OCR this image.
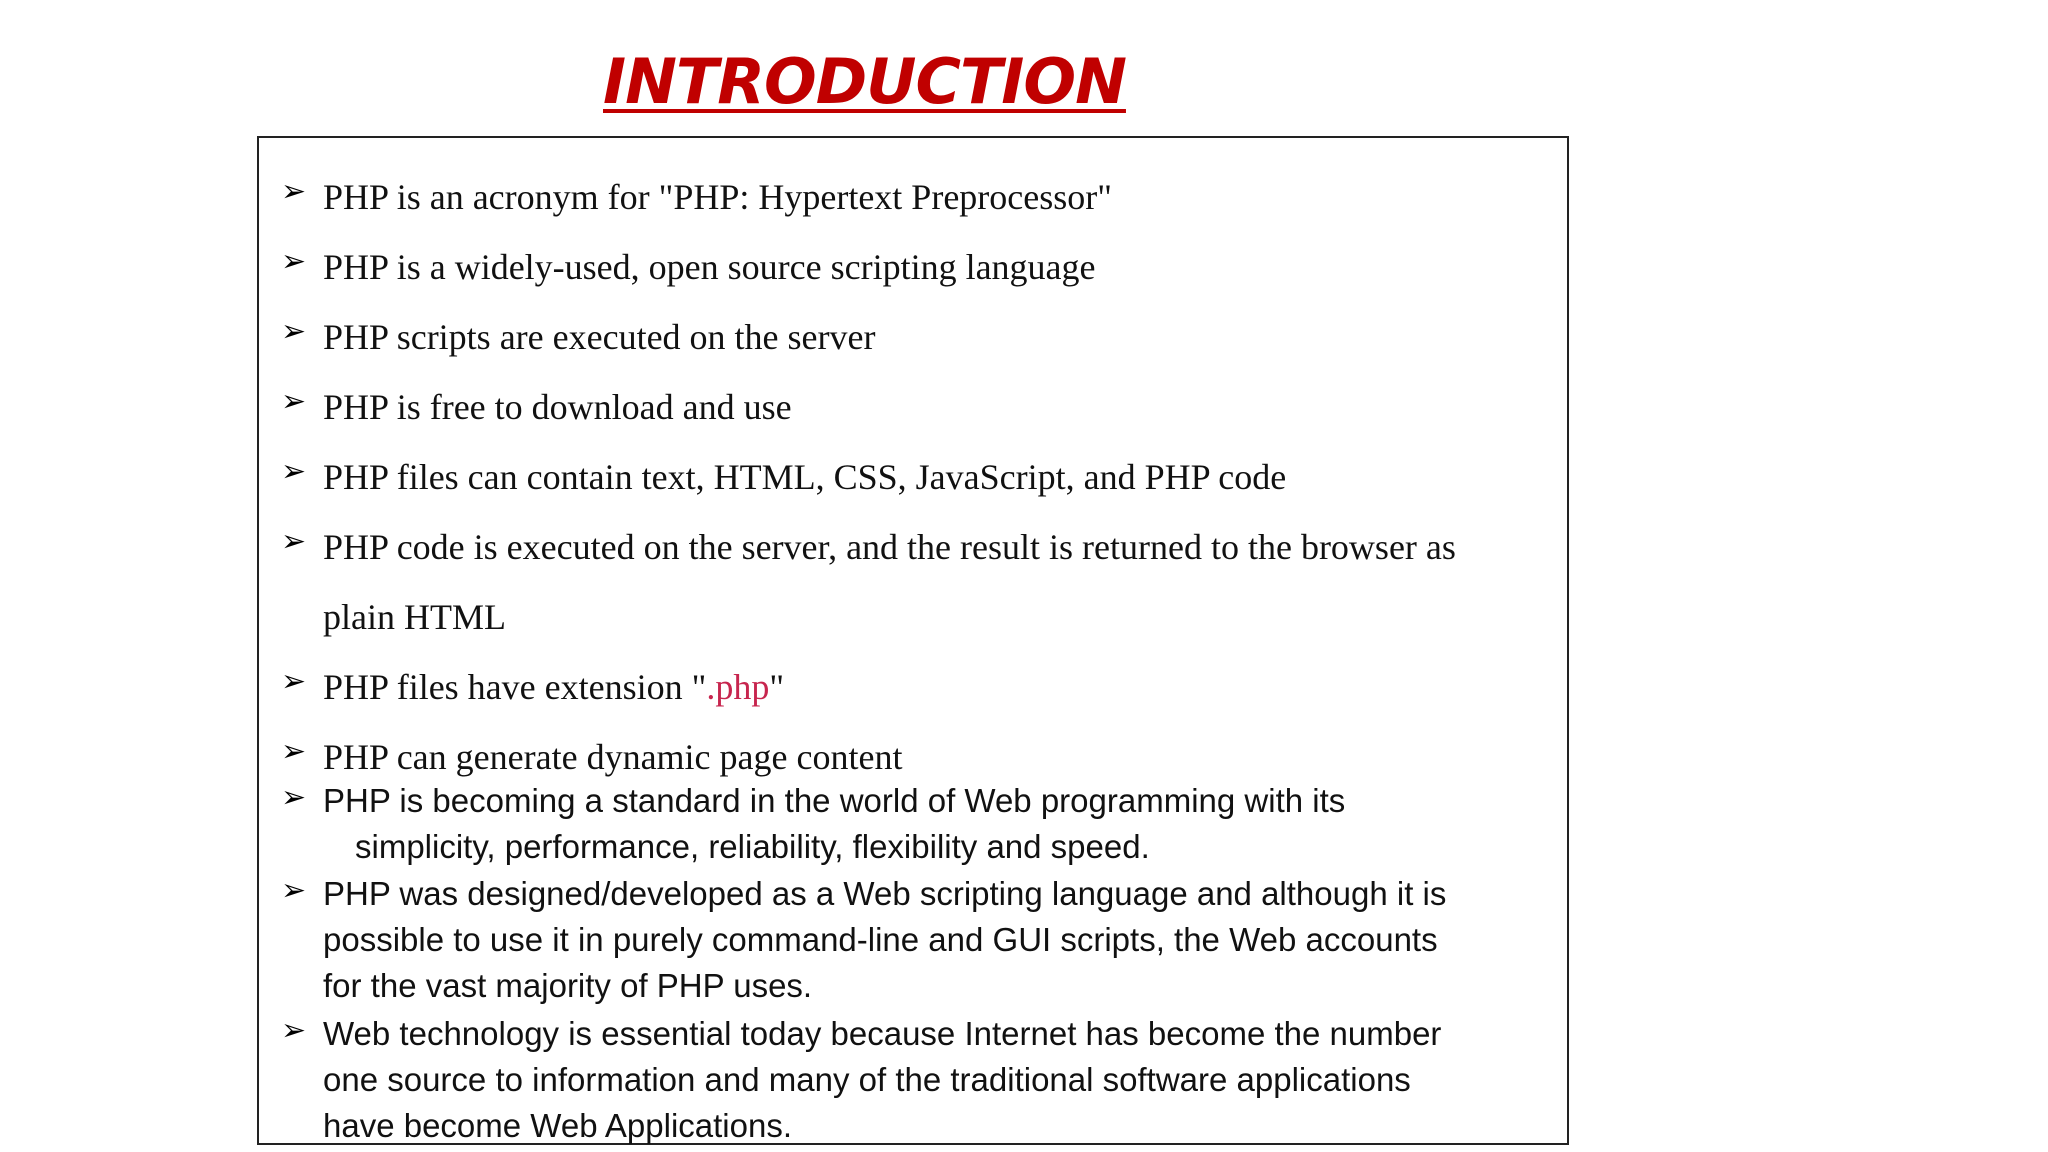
INTRODUCTION
➢ PHP is an acronym for "PHP: Hypertext Preprocessor"
➢ PHP is a widely-used, open source scripting language
➢ PHP scripts are executed on the server
➢ PHP is free to download and use
➢ PHP files can contain text, HTML, CSS, JavaScript, and PHP code
➢ PHP code is executed on the server, and the result is returned to the browser as
plain HTML
➢ PHP files have extension ".php"
➢ PHP can generate dynamic page content
➢ PHP is becoming a standard in the world of Web programming with its
simplicity, performance, reliability, flexibility and speed.
➢ PHP was designed/developed as a Web scripting language and although it is
possible to use it in purely command-line and GUI scripts, the Web accounts
for the vast majority of PHP uses.
➢ Web technology is essential today because Internet has become the number
one source to information and many of the traditional software applications
have become Web Applications.
